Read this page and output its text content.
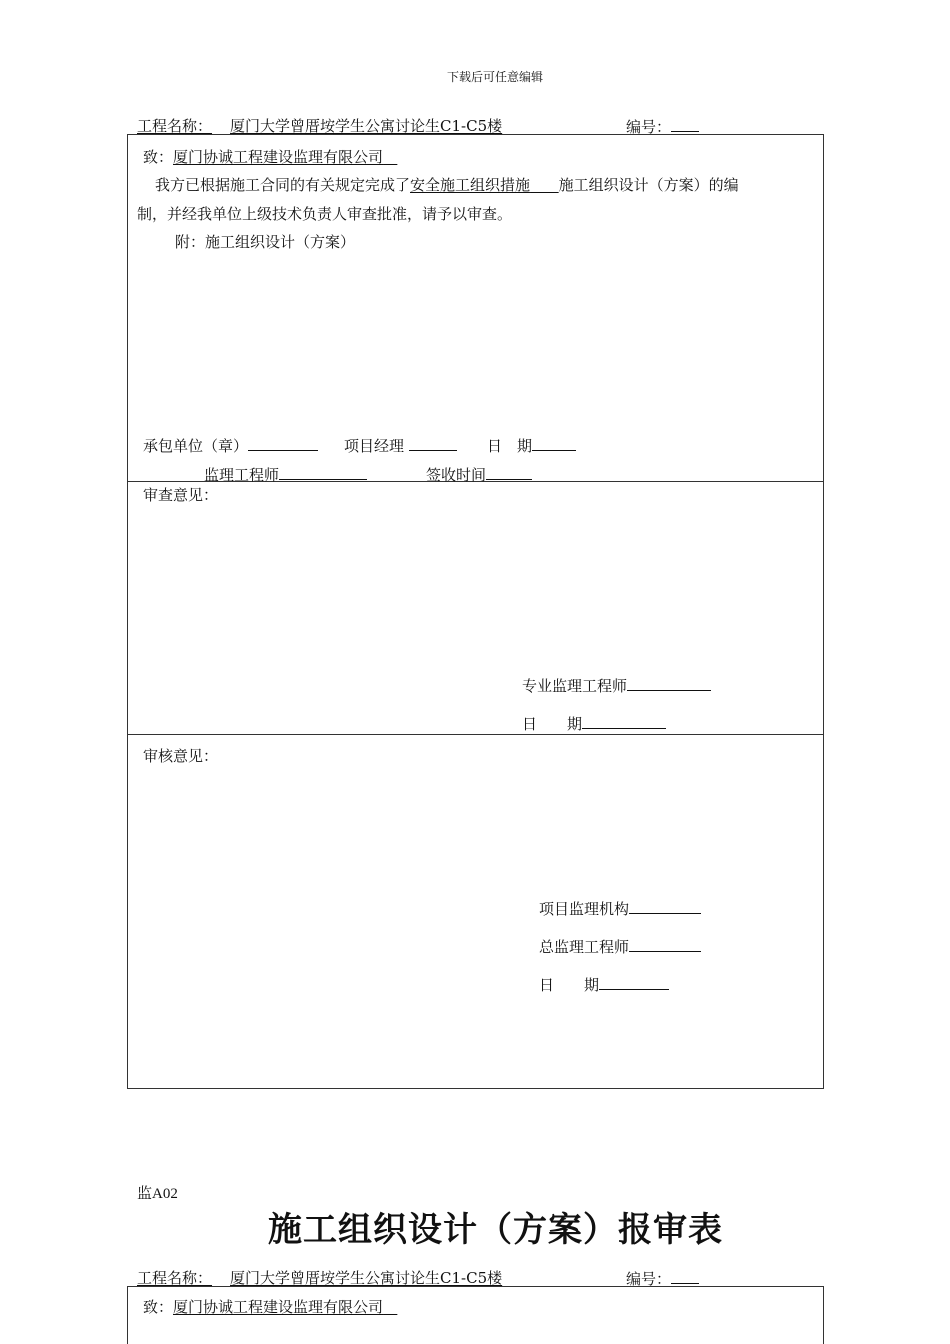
下载后可任意编辑
工程名称： 厦门大学曾厝垵学生公寓讨论生C1-C5楼	编号：
致：厦门协诚工程建设监理有限公司
我方已根据施工合同的有关规定完成了安全施工组织措施 施工组织设计（方案）的编
制，并经我单位上级技术负责人审查批准，请予以审查。
附：施工组织设计（方案）
承包单位（章）	项目经理	日　期
监理工程师	签收时间
审查意见：
专业监理工程师
日　　期
审核意见：
项目监理机构
总监理工程师
日　　期
监A02
施工组织设计（方案）报审表
工程名称： 厦门大学曾厝垵学生公寓讨论生C1-C5楼	编号：
致：厦门协诚工程建设监理有限公司
